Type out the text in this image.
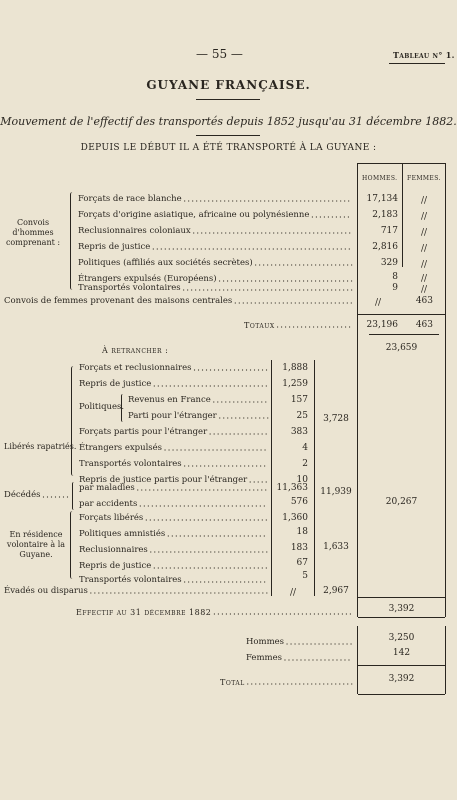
— 55 —	Tableau n° 1.
GUYANE FRANÇAISE.
Mouvement de l'effectif des transportés depuis 1852 jusqu'au 31 décembre 1882.
DEPUIS LE DÉBUT IL A ÉTÉ TRANSPORTÉ À LA GUYANE :
HOMMES. FEMMES.
Convois d'hommes comprenant :
Forçats de race blanche	17,134	//
Forçats d'origine asiatique, africaine ou polynésienne	2,183	//
Reclusionnaires coloniaux	717	//
Repris de justice	2,816	//
Politiques (affiliés aux sociétés secrètes)	329	//
Étrangers expulsés (Européens)	8	//
Transportés volontaires	9	//
Convois de femmes provenant des maisons centrales	//	463
Totaux	23,196	463
23,659
À retrancher :
Libérés rapatriés.
Forçats et reclusionnaires	1,888
Repris de justice	1,259
Politiques.
Revenus en France	157
Parti pour l'étranger	25	3,728
Forçats partis pour l'étranger	383
Étrangers expulsés	4
Transportés volontaires	2
Repris de justice partis pour l'étranger	10
Décédés
par maladies	11,363
par accidents	576
11,939
20,267
En résidence volontaire à la Guyane.
Forçats libérés	1,360
Politiques amnistiés	18
Reclusionnaires	183
Repris de justice	67
Transportés volontaires	5
1,633
Évadés ou disparus	//	2,967
Effectif au 31 décembre 1882	3,392
Hommes	3,250
Femmes	142
Total	3,392
